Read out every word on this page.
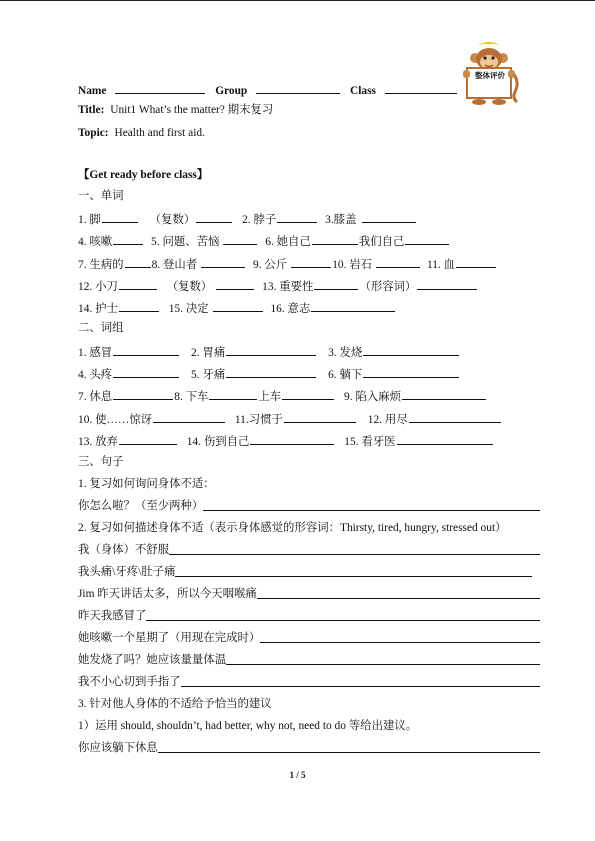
整体评价
Name	Group	Class
Title: Unit1 What’s the matter? 期末复习
Topic: Health and first aid.
【Get ready before class】
一、单词
1. 脚	（复数）	2. 脖子	3.膝盖
4. 咳嗽	5. 问题、苦恼	6. 她自己	我们自己
7. 生病的 8. 登山者	9. 公斤	10. 岩石	11. 血
12. 小刀	（复数）	13. 重要性	（形容词）
14. 护士	15. 决定	16. 意志
二、词组
1. 感冒	2. 胃痛	3. 发烧
4. 头疼	5. 牙痛	6. 躺下
7. 休息	8. 下车	上车	9. 陷入麻烦
10. 使……惊讶	11.习惯于	12. 用尽
13. 放弃	14. 伤到自己	15. 看牙医
三、句子
1. 复习如何询问身体不适：
你怎么啦？（至少两种）
2. 复习如何描述身体不适（表示身体感觉的形容词：Thirsty, tired, hungry, stressed out）
我（身体）不舒服
我头痛\牙疼\肚子痛
Jim 昨天讲话太多，所以今天咽喉痛
昨天我感冒了
她咳嗽一个星期了（用现在完成时）
她发烧了吗？她应该量量体温
我不小心切到手指了
3. 针对他人身体的不适给予恰当的建议
1）运用 should, shouldn’t, had better, why not, need to do 等给出建议。
你应该躺下休息
1 / 5
